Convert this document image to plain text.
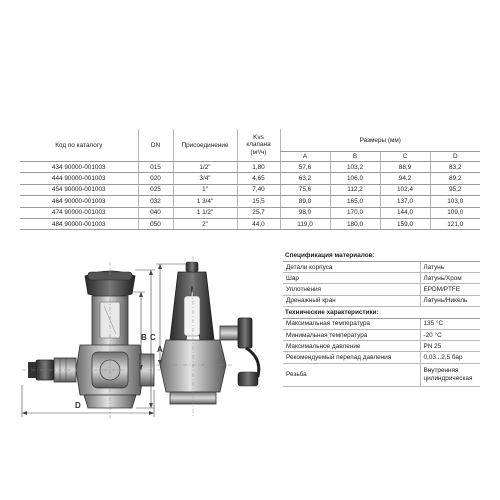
Код по каталогу	DN	Присоединение	Kvs
клапана
(м³/ч)	Размеры (мм)			
				A	B	C	D
434 90000-001003	015	1/2"	1,80	57,6	103,2	88,9	83,2
444 90000-001003	020	3/4"	4,65	63,2	106,0	94,2	89,2
454 90000-001003	025	1"	7,40	75,6	112,2	102,4	95,2
464 90000-001003	032	1 3/4"	15,5	89,0	165,0	137,0	103,0
474 90000-001003	040	1 1/2"	25,7	98,0	170,0	144,0	109,0
484 90000-001003	050	2"	44,0	119,0	180,0	159,0	121,0
Спецификация материалов:
Детали корпуса	Латунь
Шар	Латунь/Хром
Уплотнения	EPDM/PTFE
Дренажный кран	Латунь/Никель
Технические характеристики:
Максимальная температура	135 °C
Минимальная температура	-20 °C
Максимальное давление	PN 25
Рекомендуемый перепад давления	0,03...2,5 бар
Резьба	Внутренняя
цилиндрическая
C
B
D
A
